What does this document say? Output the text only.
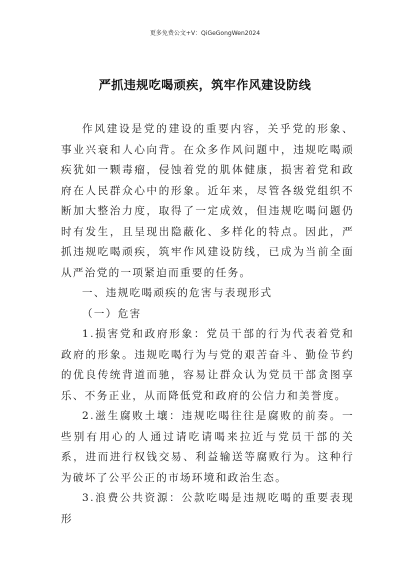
更多免费公文+V：QiGeGongWen2024
严抓违规吃喝顽疾，筑牢作风建设防线

作风建设是党的建设的重要内容，关乎党的形象、事业兴衰和人心向背。在众多作风问题中，违规吃喝顽疾犹如一颗毒瘤，侵蚀着党的肌体健康，损害着党和政府在人民群众心中的形象。近年来，尽管各级党组织不断加大整治力度，取得了一定成效，但违规吃喝问题仍时有发生，且呈现出隐蔽化、多样化的特点。因此，严抓违规吃喝顽疾，筑牢作风建设防线，已成为当前全面从严治党的一项紧迫而重要的任务。

一、违规吃喝顽疾的危害与表现形式

（一）危害

1.损害党和政府形象：党员干部的行为代表着党和政府的形象。违规吃喝行为与党的艰苦奋斗、勤俭节约的优良传统背道而驰，容易让群众认为党员干部贪图享乐、不务正业，从而降低党和政府的公信力和美誉度。

2.滋生腐败土壤：违规吃喝往往是腐败的前奏。一些别有用心的人通过请吃请喝来拉近与党员干部的关系，进而进行权钱交易、利益输送等腐败行为。这种行为破坏了公平公正的市场环境和政治生态。

3.浪费公共资源：公款吃喝是违规吃喝的重要表现形
